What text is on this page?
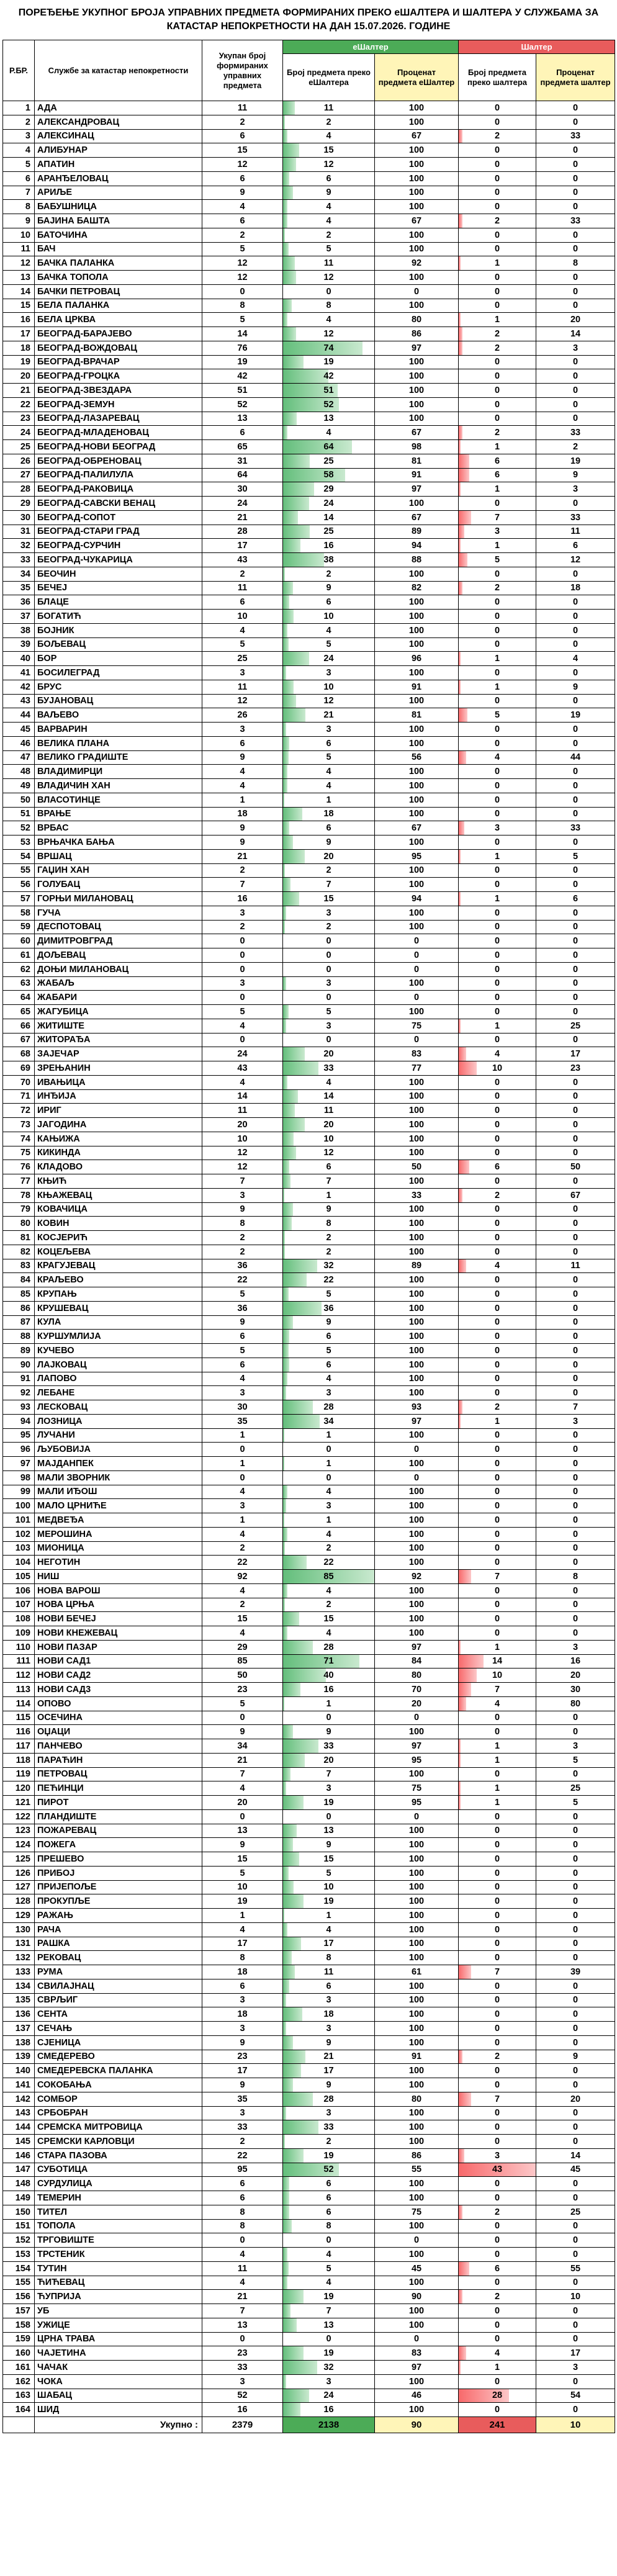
ПОРЕЂЕЊЕ УКУПНОГ БРОЈА УПРАВНИХ ПРЕДМЕТА ФОРМИРАНИХ ПРЕКО еШАЛТЕРА И ШАЛТЕРА У СЛУЖБАМА ЗА КАТАСТАР НЕПОКРЕТНОСТИ НА ДАН 15.07.2026. ГОДИНЕ
Р.БР.	Службе за катастар непокретности	Укупан број формираних управних предмета	еШалтер		Шалтер	
			Број предмета преко еШалтера	Проценат предмета еШалтер	Број предмета преко шалтера	Проценат предмета шалтер
1	АДА	11	11	100	0	0
2	АЛЕКСАНДРОВАЦ	2	2	100	0	0
3	АЛЕКСИНАЦ	6	4	67	2	33
4	АЛИБУНАР	15	15	100	0	0
5	АПАТИН	12	12	100	0	0
6	АРАНЂЕЛОВАЦ	6	6	100	0	0
7	АРИЉЕ	9	9	100	0	0
8	БАБУШНИЦА	4	4	100	0	0
9	БАЈИНА БАШТА	6	4	67	2	33
10	БАТОЧИНА	2	2	100	0	0
11	БАЧ	5	5	100	0	0
12	БАЧКА ПАЛАНКА	12	11	92	1	8
13	БАЧКА ТОПОЛА	12	12	100	0	0
14	БАЧКИ ПЕТРОВАЦ	0	0	0	0	0
15	БЕЛА ПАЛАНКА	8	8	100	0	0
16	БЕЛА ЦРКВА	5	4	80	1	20
17	БЕОГРАД-БАРАЈЕВО	14	12	86	2	14
18	БЕОГРАД-ВОЖДОВАЦ	76	74	97	2	3
19	БЕОГРАД-ВРАЧАР	19	19	100	0	0
20	БЕОГРАД-ГРОЦКА	42	42	100	0	0
21	БЕОГРАД-ЗВЕЗДАРА	51	51	100	0	0
22	БЕОГРАД-ЗЕМУН	52	52	100	0	0
23	БЕОГРАД-ЛАЗАРЕВАЦ	13	13	100	0	0
24	БЕОГРАД-МЛАДЕНОВАЦ	6	4	67	2	33
25	БЕОГРАД-НОВИ БЕОГРАД	65	64	98	1	2
26	БЕОГРАД-ОБРЕНОВАЦ	31	25	81	6	19
27	БЕОГРАД-ПАЛИЛУЛА	64	58	91	6	9
28	БЕОГРАД-РАКОВИЦА	30	29	97	1	3
29	БЕОГРАД-САВСКИ ВЕНАЦ	24	24	100	0	0
30	БЕОГРАД-СОПОТ	21	14	67	7	33
31	БЕОГРАД-СТАРИ ГРАД	28	25	89	3	11
32	БЕОГРАД-СУРЧИН	17	16	94	1	6
33	БЕОГРАД-ЧУКАРИЦА	43	38	88	5	12
34	БЕОЧИН	2	2	100	0	0
35	БЕЧЕЈ	11	9	82	2	18
36	БЛАЦЕ	6	6	100	0	0
37	БОГАТИЋ	10	10	100	0	0
38	БОЈНИК	4	4	100	0	0
39	БОЉЕВАЦ	5	5	100	0	0
40	БОР	25	24	96	1	4
41	БОСИЛЕГРАД	3	3	100	0	0
42	БРУС	11	10	91	1	9
43	БУЈАНОВАЦ	12	12	100	0	0
44	ВАЉЕВО	26	21	81	5	19
45	ВАРВАРИН	3	3	100	0	0
46	ВЕЛИКА ПЛАНА	6	6	100	0	0
47	ВЕЛИКО ГРАДИШТЕ	9	5	56	4	44
48	ВЛАДИМИРЦИ	4	4	100	0	0
49	ВЛАДИЧИН ХАН	4	4	100	0	0
50	ВЛАСОТИНЦЕ	1	1	100	0	0
51	ВРАЊЕ	18	18	100	0	0
52	ВРБАС	9	6	67	3	33
53	ВРЊАЧКА БАЊА	9	9	100	0	0
54	ВРШАЦ	21	20	95	1	5
55	ГАЏИН ХАН	2	2	100	0	0
56	ГОЛУБАЦ	7	7	100	0	0
57	ГОРЊИ МИЛАНОВАЦ	16	15	94	1	6
58	ГУЧА	3	3	100	0	0
59	ДЕСПОТОВАЦ	2	2	100	0	0
60	ДИМИТРОВГРАД	0	0	0	0	0
61	ДОЉЕВАЦ	0	0	0	0	0
62	ДОЊИ МИЛАНОВАЦ	0	0	0	0	0
63	ЖАБАЉ	3	3	100	0	0
64	ЖАБАРИ	0	0	0	0	0
65	ЖАГУБИЦА	5	5	100	0	0
66	ЖИТИШТЕ	4	3	75	1	25
67	ЖИТОРАЂА	0	0	0	0	0
68	ЗАЈЕЧАР	24	20	83	4	17
69	ЗРЕЊАНИН	43	33	77	10	23
70	ИВАЊИЦА	4	4	100	0	0
71	ИНЂИЈА	14	14	100	0	0
72	ИРИГ	11	11	100	0	0
73	ЈАГОДИНА	20	20	100	0	0
74	КАЊИЖА	10	10	100	0	0
75	КИКИНДА	12	12	100	0	0
76	КЛАДОВО	12	6	50	6	50
77	КЊИЋ	7	7	100	0	0
78	КЊАЖЕВАЦ	3	1	33	2	67
79	КОВАЧИЦА	9	9	100	0	0
80	КОВИН	8	8	100	0	0
81	КОСЈЕРИЋ	2	2	100	0	0
82	КОЦЕЉЕВА	2	2	100	0	0
83	КРАГУЈЕВАЦ	36	32	89	4	11
84	КРАЉЕВО	22	22	100	0	0
85	КРУПАЊ	5	5	100	0	0
86	КРУШЕВАЦ	36	36	100	0	0
87	КУЛА	9	9	100	0	0
88	КУРШУМЛИЈА	6	6	100	0	0
89	КУЧЕВО	5	5	100	0	0
90	ЛАЈКОВАЦ	6	6	100	0	0
91	ЛАПОВО	4	4	100	0	0
92	ЛЕБАНЕ	3	3	100	0	0
93	ЛЕСКОВАЦ	30	28	93	2	7
94	ЛОЗНИЦА	35	34	97	1	3
95	ЛУЧАНИ	1	1	100	0	0
96	ЉУБОВИЈА	0	0	0	0	0
97	МАЈДАНПЕК	1	1	100	0	0
98	МАЛИ ЗВОРНИК	0	0	0	0	0
99	МАЛИ ИЂОШ	4	4	100	0	0
100	МАЛО ЦРНИЋЕ	3	3	100	0	0
101	МЕДВЕЂА	1	1	100	0	0
102	МЕРОШИНА	4	4	100	0	0
103	МИОНИЦА	2	2	100	0	0
104	НЕГОТИН	22	22	100	0	0
105	НИШ	92	85	92	7	8
106	НОВА ВАРОШ	4	4	100	0	0
107	НОВА ЦРЊА	2	2	100	0	0
108	НОВИ БЕЧЕЈ	15	15	100	0	0
109	НОВИ КНЕЖЕВАЦ	4	4	100	0	0
110	НОВИ ПАЗАР	29	28	97	1	3
111	НОВИ САД1	85	71	84	14	16
112	НОВИ САД2	50	40	80	10	20
113	НОВИ САД3	23	16	70	7	30
114	ОПОВО	5	1	20	4	80
115	ОСЕЧИНА	0	0	0	0	0
116	ОЏАЦИ	9	9	100	0	0
117	ПАНЧЕВО	34	33	97	1	3
118	ПАРАЋИН	21	20	95	1	5
119	ПЕТРОВАЦ	7	7	100	0	0
120	ПЕЋИНЦИ	4	3	75	1	25
121	ПИРОТ	20	19	95	1	5
122	ПЛАНДИШТЕ	0	0	0	0	0
123	ПОЖАРЕВАЦ	13	13	100	0	0
124	ПОЖЕГА	9	9	100	0	0
125	ПРЕШЕВО	15	15	100	0	0
126	ПРИБОЈ	5	5	100	0	0
127	ПРИЈЕПОЉЕ	10	10	100	0	0
128	ПРОКУПЉЕ	19	19	100	0	0
129	РАЖАЊ	1	1	100	0	0
130	РАЧА	4	4	100	0	0
131	РАШКА	17	17	100	0	0
132	РЕКОВАЦ	8	8	100	0	0
133	РУМА	18	11	61	7	39
134	СВИЛАЈНАЦ	6	6	100	0	0
135	СВРЉИГ	3	3	100	0	0
136	СЕНТА	18	18	100	0	0
137	СЕЧАЊ	3	3	100	0	0
138	СЈЕНИЦА	9	9	100	0	0
139	СМЕДЕРЕВО	23	21	91	2	9
140	СМЕДЕРЕВСКА ПАЛАНКА	17	17	100	0	0
141	СОКОБАЊА	9	9	100	0	0
142	СОМБОР	35	28	80	7	20
143	СРБОБРАН	3	3	100	0	0
144	СРЕМСКА МИТРОВИЦА	33	33	100	0	0
145	СРЕМСКИ КАРЛОВЦИ	2	2	100	0	0
146	СТАРА ПАЗОВА	22	19	86	3	14
147	СУБОТИЦА	95	52	55	43	45
148	СУРДУЛИЦА	6	6	100	0	0
149	ТЕМЕРИН	6	6	100	0	0
150	ТИТЕЛ	8	6	75	2	25
151	ТОПОЛА	8	8	100	0	0
152	ТРГОВИШТЕ	0	0	0	0	0
153	ТРСТЕНИК	4	4	100	0	0
154	ТУТИН	11	5	45	6	55
155	ЋИЋЕВАЦ	4	4	100	0	0
156	ЋУПРИЈА	21	19	90	2	10
157	УБ	7	7	100	0	0
158	УЖИЦЕ	13	13	100	0	0
159	ЦРНА ТРАВА	0	0	0	0	0
160	ЧАЈЕТИНА	23	19	83	4	17
161	ЧАЧАК	33	32	97	1	3
162	ЧОКА	3	3	100	0	0
163	ШАБАЦ	52	24	46	28	54
164	ШИД	16	16	100	0	0
	Укупно :	2379	2138	90	241	10
